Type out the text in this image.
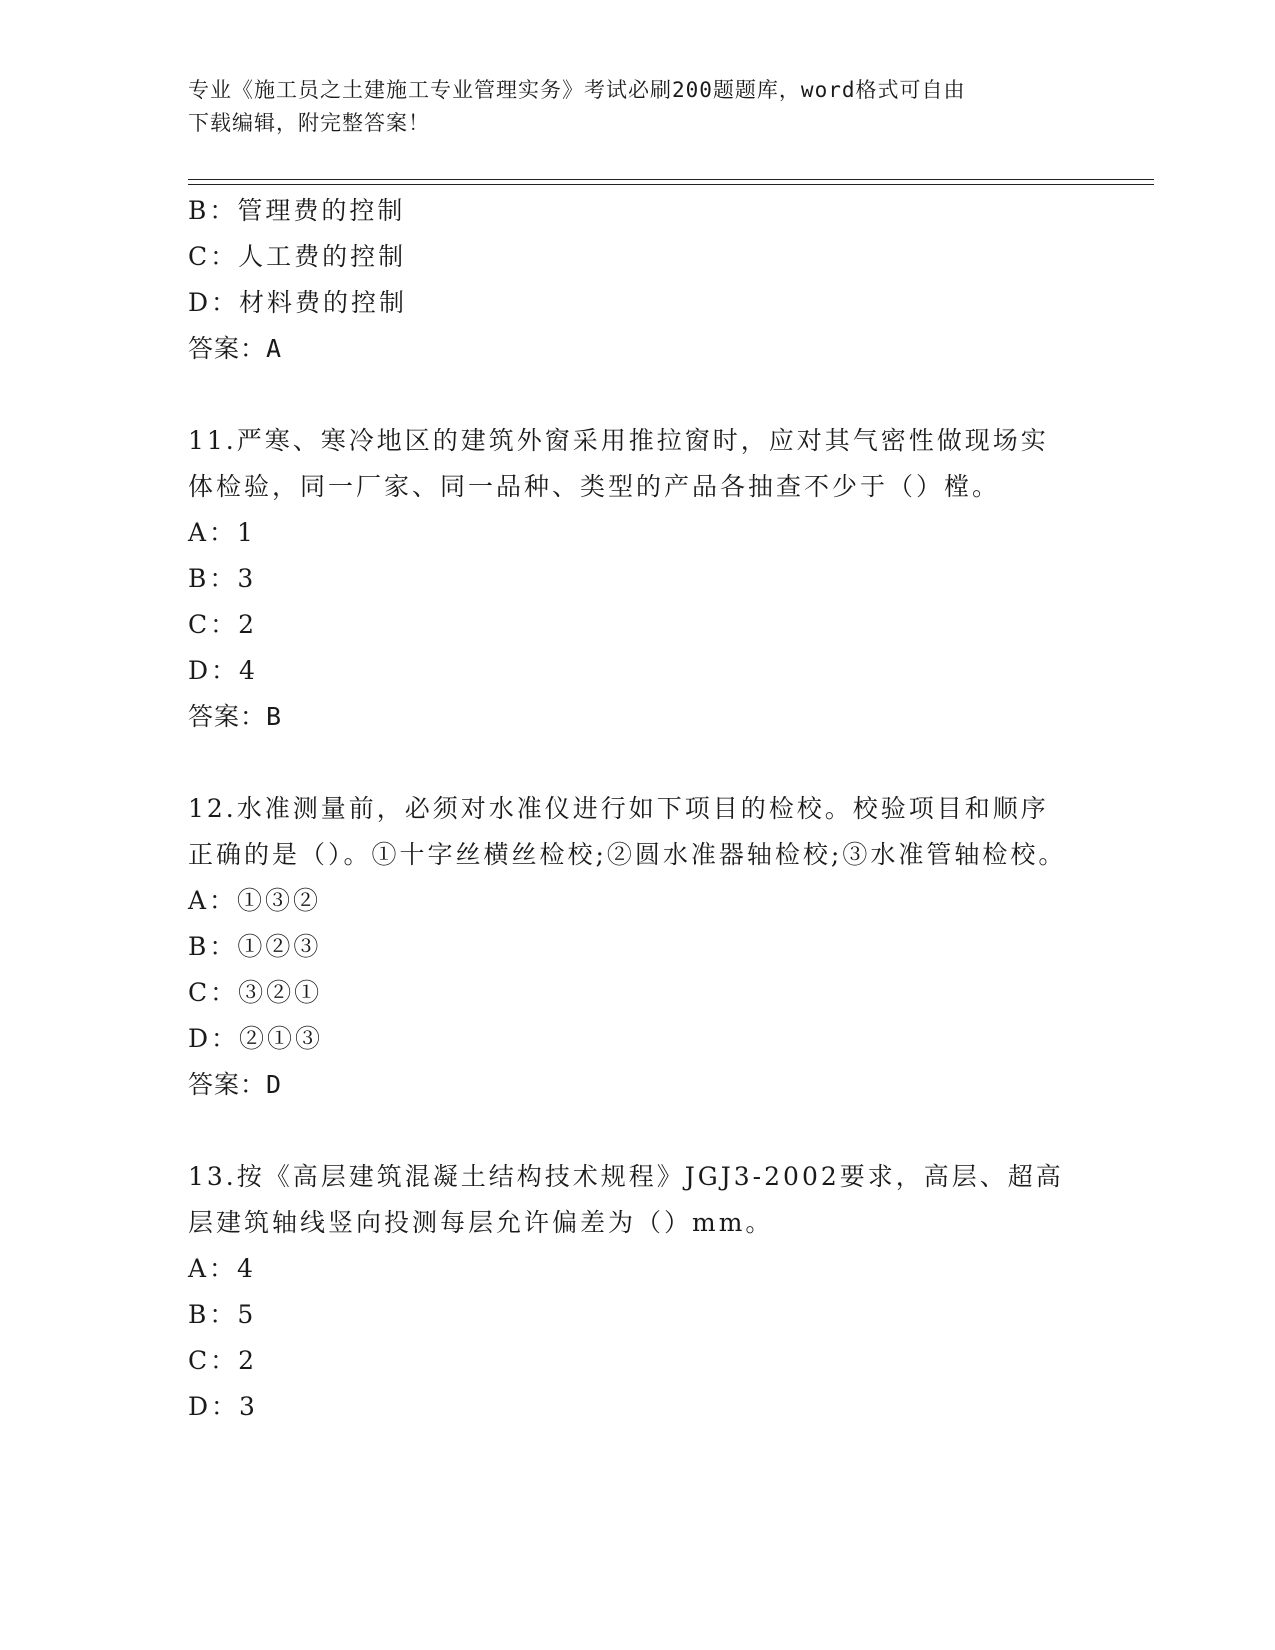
专业《施工员之土建施工专业管理实务》考试必刷200题题库，word格式可自由
下载编辑，附完整答案！
B：管理费的控制
C：人工费的控制
D：材料费的控制
答案：A
11.严寒、寒冷地区的建筑外窗采用推拉窗时，应对其气密性做现场实体检验，同一厂家、同一品种、类型的产品各抽查不少于（）樘。
A：1
B：3
C：2
D：4
答案：B
12.水准测量前，必须对水准仪进行如下项目的检校。校验项目和顺序正确的是（）。①十字丝横丝检校;②圆水准器轴检校;③水准管轴检校。
A：①③②
B：①②③
C：③②①
D：②①③
答案：D
13.按《高层建筑混凝土结构技术规程》JGJ3-2002要求，高层、超高层建筑轴线竖向投测每层允许偏差为（）mm。
A：4
B：5
C：2
D：3
